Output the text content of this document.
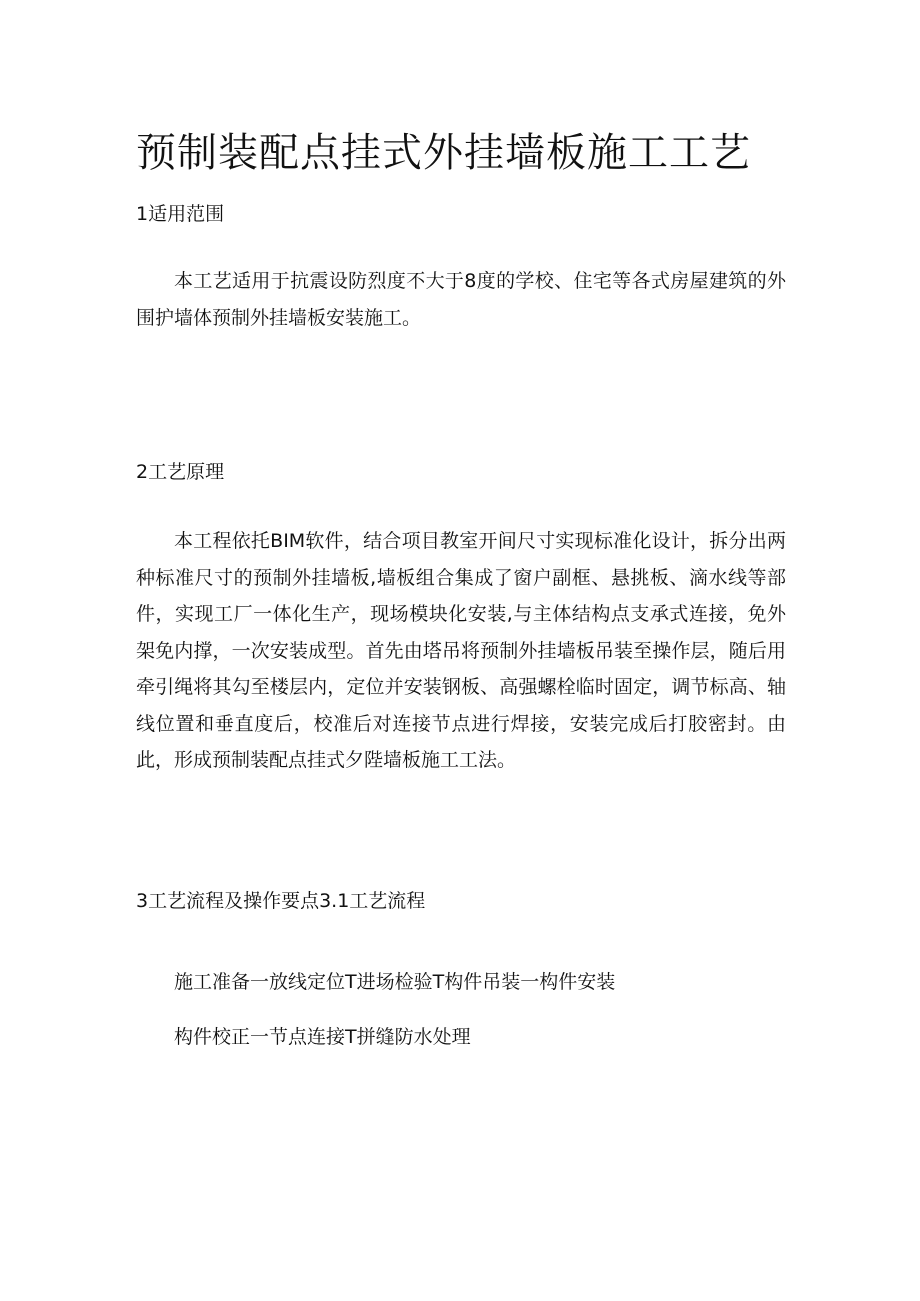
预制装配点挂式外挂墙板施工工艺
1适用范围

本工艺适用于抗震设防烈度不大于8度的学校、住宅等各式房屋建筑的外围护墙体预制外挂墙板安装施工。

2工艺原理

本工程依托BIM软件，结合项目教室开间尺寸实现标准化设计，拆分出两种标准尺寸的预制外挂墙板,墙板组合集成了窗户副框、悬挑板、滴水线等部件，实现工厂一体化生产，现场模块化安装,与主体结构点支承式连接，免外架免内撑，一次安装成型。首先由塔吊将预制外挂墙板吊装至操作层，随后用牵引绳将其勾至楼层内，定位并安装钢板、高强螺栓临时固定，调节标高、轴线位置和垂直度后，校准后对连接节点进行焊接，安装完成后打胶密封。由此，形成预制装配点挂式夕陛墙板施工工法。

3工艺流程及操作要点3.1工艺流程

施工准备一放线定位T进场检验T构件吊装一构件安装

构件校正一节点连接T拼缝防水处理
